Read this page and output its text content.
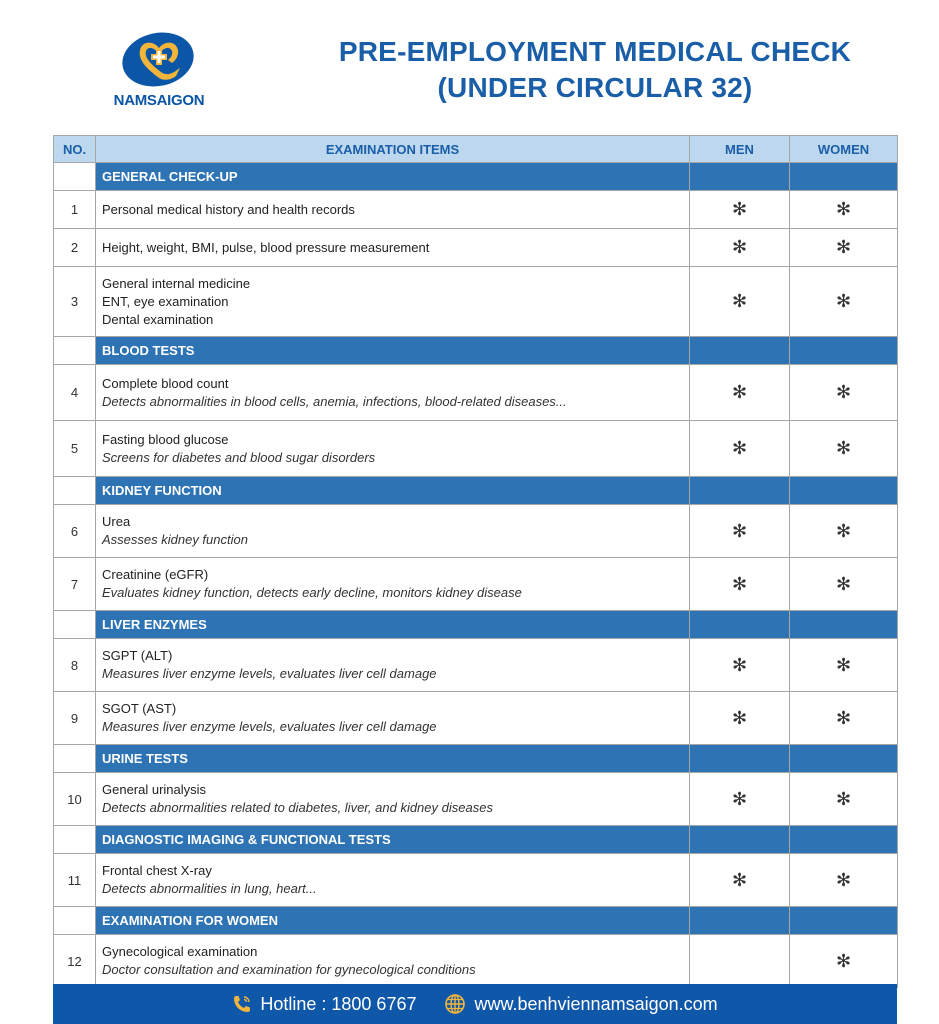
NAMSAIGON
PRE-EMPLOYMENT MEDICAL CHECK
(UNDER CIRCULAR 32)
NO.	EXAMINATION ITEMS	MEN	WOMEN
	GENERAL CHECK-UP		
1	Personal medical history and health records	✻	✻
2	Height, weight, BMI, pulse, blood pressure measurement	✻	✻
3	General internal medicine
ENT, eye examination
Dental examination	✻	✻
	BLOOD TESTS		
4	Complete blood count
Detects abnormalities in blood cells, anemia, infections, blood-related diseases...	✻	✻
5	Fasting blood glucose
Screens for diabetes and blood sugar disorders	✻	✻
	KIDNEY FUNCTION		
6	Urea
Assesses kidney function	✻	✻
7	Creatinine (eGFR)
Evaluates kidney function, detects early decline, monitors kidney disease	✻	✻
	LIVER ENZYMES		
8	SGPT (ALT)
Measures liver enzyme levels, evaluates liver cell damage	✻	✻
9	SGOT (AST)
Measures liver enzyme levels, evaluates liver cell damage	✻	✻
	URINE TESTS		
10	General urinalysis
Detects abnormalities related to diabetes, liver, and kidney diseases	✻	✻
	DIAGNOSTIC IMAGING & FUNCTIONAL TESTS		
11	Frontal chest X-ray
Detects abnormalities in lung, heart...	✻	✻
	EXAMINATION FOR WOMEN		
12	Gynecological examination
Doctor consultation and examination for gynecological conditions		✻
Hotline : 1800 6767	www.benhviennamsaigon.com
